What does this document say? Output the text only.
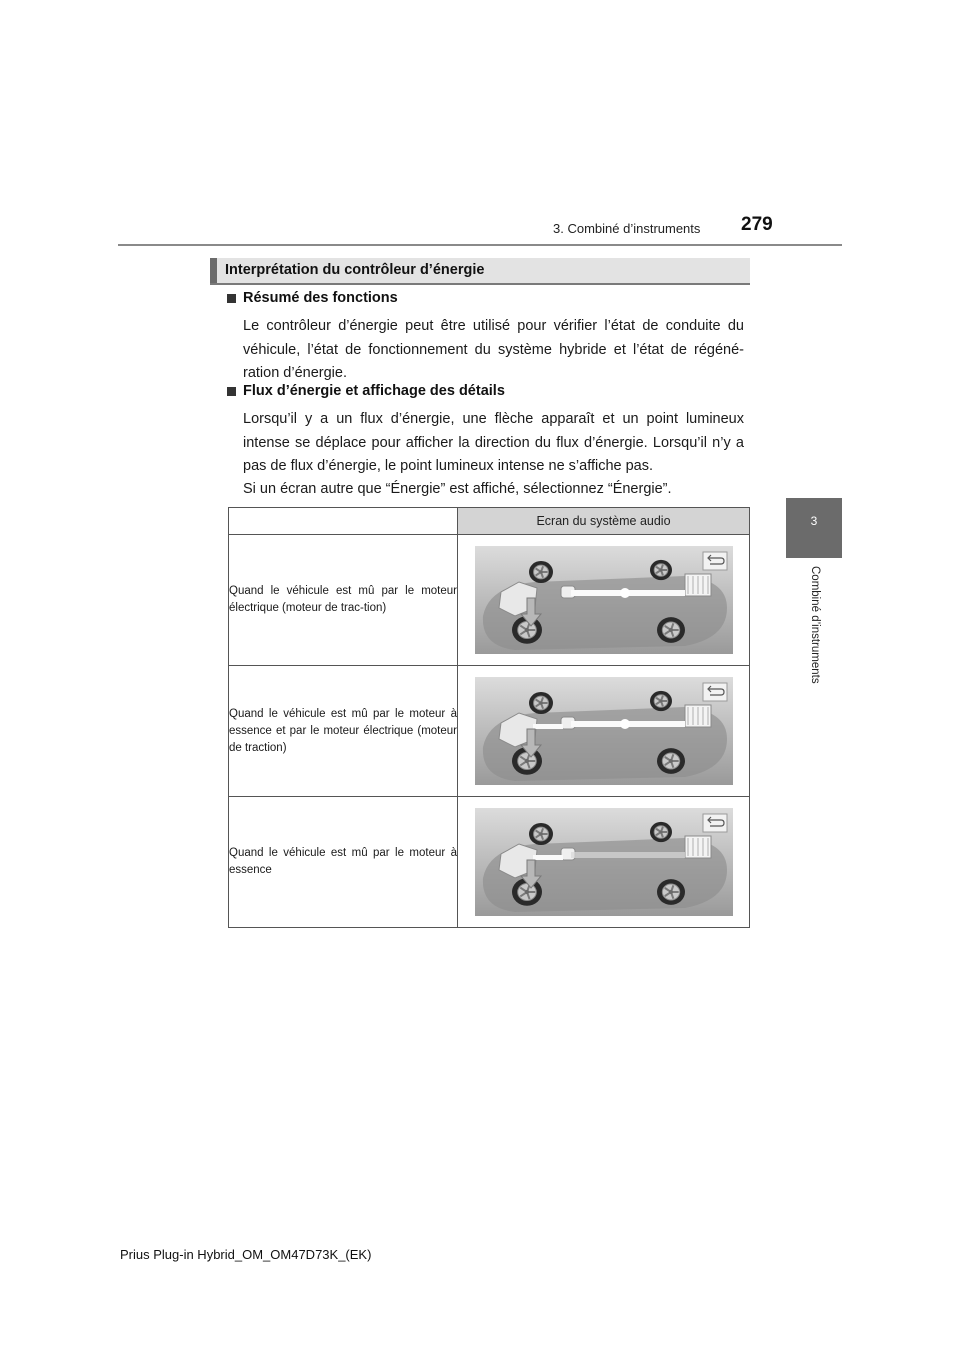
3. Combiné d’instruments 279
3
Combiné d’instruments
Interprétation du contrôleur d’énergie
Résumé des fonctions
Le contrôleur d’énergie peut être utilisé pour vérifier l’état de conduite du véhicule, l’état de fonctionnement du système hybride et l’état de régéné-ration d’énergie.
Flux d’énergie et affichage des détails
Lorsqu’il y a un flux d’énergie, une flèche apparaît et un point lumineux intense se déplace pour afficher la direction du flux d’énergie. Lorsqu’il n’y a pas de flux d’énergie, le point lumineux intense ne s’affiche pas.
Si un écran autre que “Énergie” est affiché, sélectionnez “Énergie”.
	Ecran du système audio

Quand le véhicule est mû par le moteur électrique (moteur de trac-tion)

Quand le véhicule est mû par le moteur à essence et par le moteur électrique (moteur de traction)

Quand le véhicule est mû par le moteur à essence

Prius Plug-in Hybrid_OM_OM47D73K_(EK)
